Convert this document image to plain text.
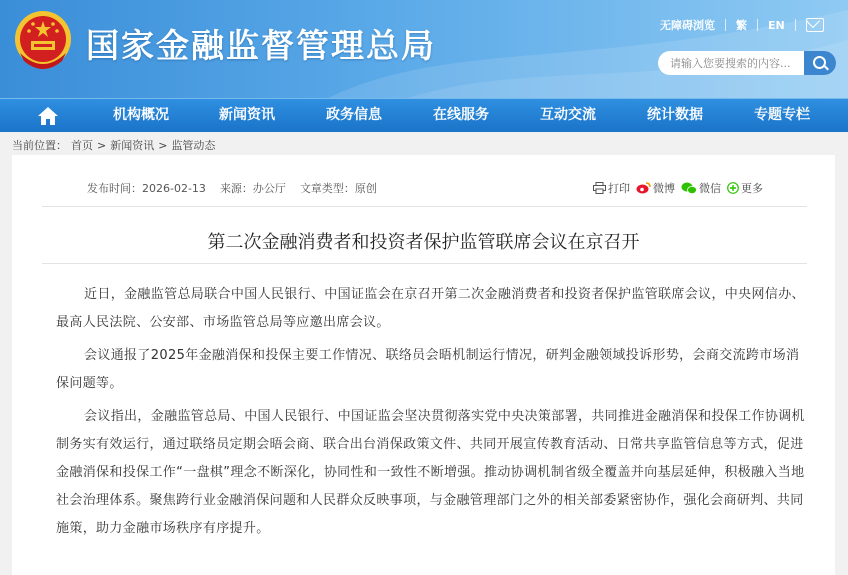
国家金融监督管理总局
无障碍浏览 繁 EN
请输入您要搜索的内容...
机构概况	新闻资讯	政务信息	在线服务	互动交流	统计数据	专题专栏
当前位置： 首页 > 新闻资讯 > 监管动态
发布时间：2026-02-13 来源：办公厅 文章类型：原创	打印 微博 微信 更多
第二次金融消费者和投资者保护监管联席会议在京召开

近日，金融监管总局联合中国人民银行、中国证监会在京召开第二次金融消费者和投资者保护监管联席会议，中央网信办、最高人民法院、公安部、市场监管总局等应邀出席会议。

会议通报了2025年金融消保和投保主要工作情况、联络员会晤机制运行情况，研判金融领域投诉形势，会商交流跨市场消保问题等。

会议指出，金融监管总局、中国人民银行、中国证监会坚决贯彻落实党中央决策部署，共同推进金融消保和投保工作协调机制务实有效运行，通过联络员定期会晤会商、联合出台消保政策文件、共同开展宣传教育活动、日常共享监管信息等方式，促进金融消保和投保工作“一盘棋”理念不断深化，协同性和一致性不断增强。推动协调机制省级全覆盖并向基层延伸，积极融入当地社会治理体系。聚焦跨行业金融消保问题和人民群众反映事项，与金融管理部门之外的相关部委紧密协作，强化会商研判、共同施策，助力金融市场秩序有序提升。
